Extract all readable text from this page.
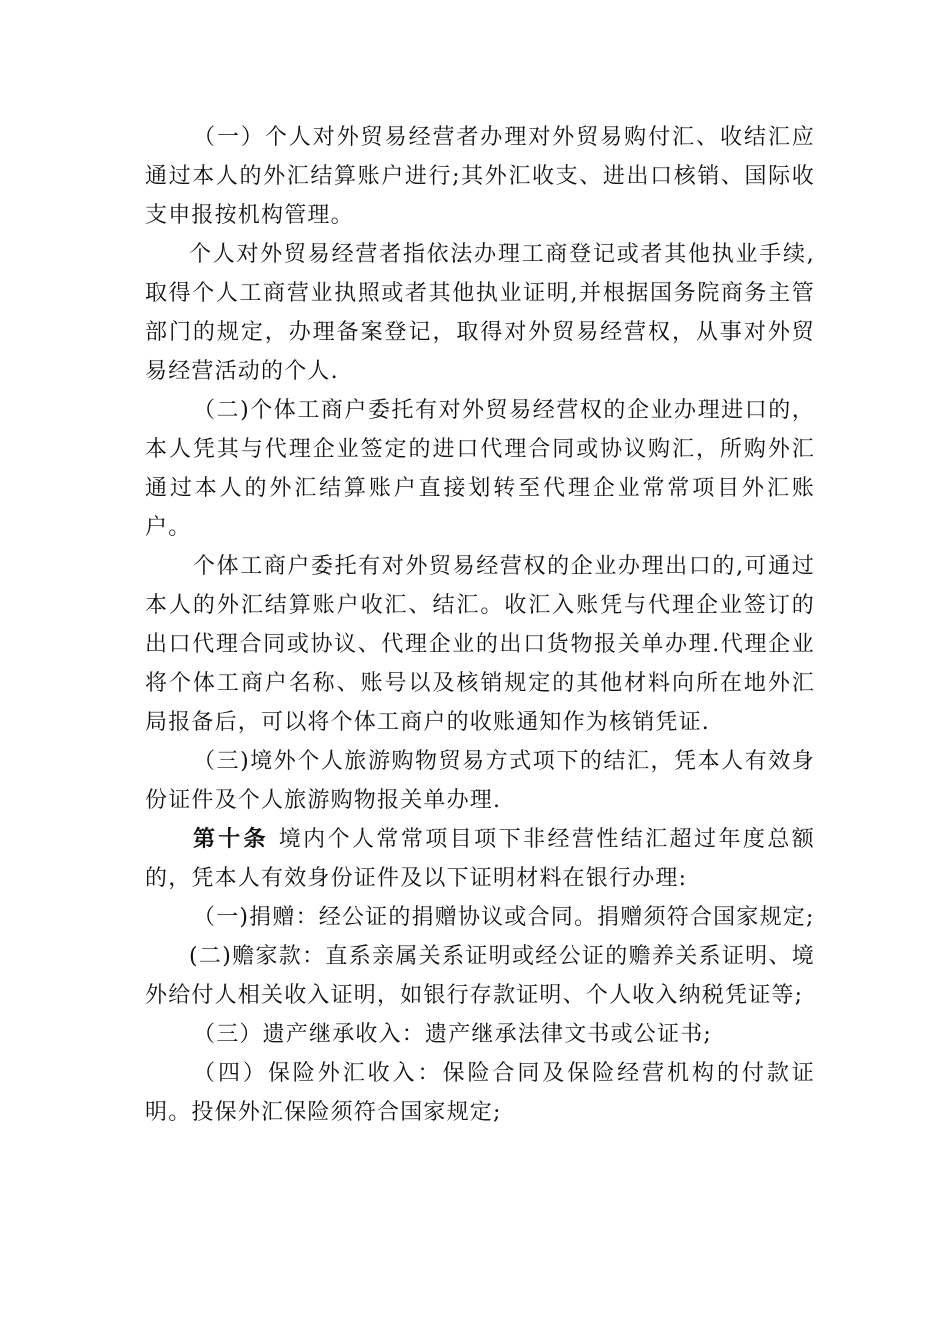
（一）个人对外贸易经营者办理对外贸易购付汇、收结汇应通过本人的外汇结算账户进行;其外汇收支、进出口核销、国际收支申报按机构管理。

个人对外贸易经营者指依法办理工商登记或者其他执业手续,取得个人工商营业执照或者其他执业证明,并根据国务院商务主管部门的规定，办理备案登记，取得对外贸易经营权，从事对外贸易经营活动的个人.

（二)个体工商户委托有对外贸易经营权的企业办理进口的，本人凭其与代理企业签定的进口代理合同或协议购汇，所购外汇通过本人的外汇结算账户直接划转至代理企业常常项目外汇账户。

个体工商户委托有对外贸易经营权的企业办理出口的,可通过本人的外汇结算账户收汇、结汇。收汇入账凭与代理企业签订的出口代理合同或协议、代理企业的出口货物报关单办理.代理企业将个体工商户名称、账号以及核销规定的其他材料向所在地外汇局报备后，可以将个体工商户的收账通知作为核销凭证.

（三)境外个人旅游购物贸易方式项下的结汇，凭本人有效身份证件及个人旅游购物报关单办理.

第十条 境内个人常常项目项下非经营性结汇超过年度总额的，凭本人有效身份证件及以下证明材料在银行办理:

（一)捐赠：经公证的捐赠协议或合同。捐赠须符合国家规定;

(二)赡家款：直系亲属关系证明或经公证的赡养关系证明、境外给付人相关收入证明，如银行存款证明、个人收入纳税凭证等;

（三）遗产继承收入：遗产继承法律文书或公证书;

（四）保险外汇收入：保险合同及保险经营机构的付款证明。投保外汇保险须符合国家规定;
